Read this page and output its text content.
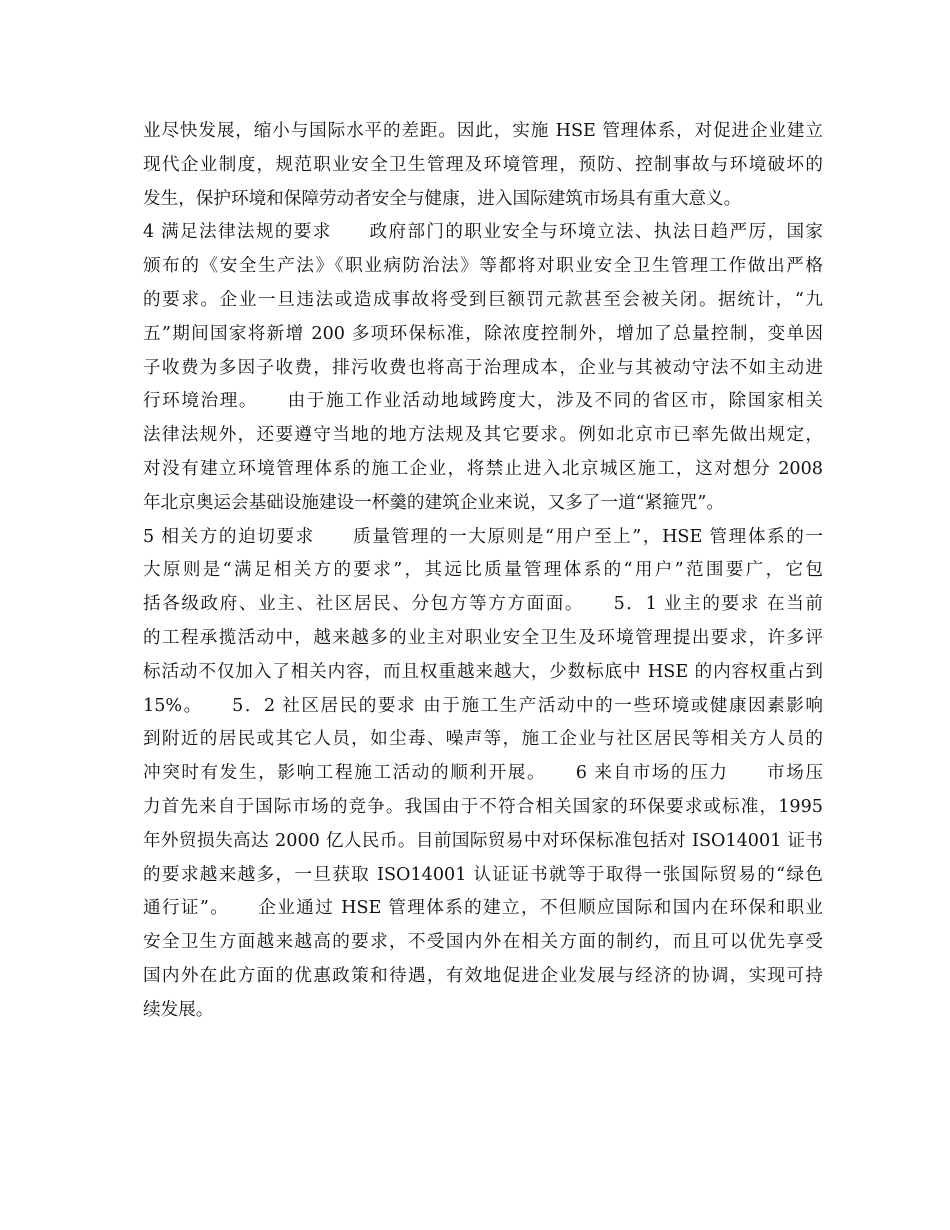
业尽快发展，缩小与国际水平的差距。因此，实施 HSE 管理体系，对促进企业建立
现代企业制度，规范职业安全卫生管理及环境管理，预防、控制事故与环境破坏的
发生，保护环境和保障劳动者安全与健康，进入国际建筑市场具有重大意义。
4 满足法律法规的要求　　政府部门的职业安全与环境立法、执法日趋严厉，国家
颁布的《安全生产法》《职业病防治法》等都将对职业安全卫生管理工作做出严格
的要求。企业一旦违法或造成事故将受到巨额罚元款甚至会被关闭。据统计，“九
五”期间国家将新增 200 多项环保标准，除浓度控制外，增加了总量控制，变单因
子收费为多因子收费，排污收费也将高于治理成本，企业与其被动守法不如主动进
行环境治理。　　由于施工作业活动地域跨度大，涉及不同的省区市，除国家相关
法律法规外，还要遵守当地的地方法规及其它要求。例如北京市已率先做出规定，
对没有建立环境管理体系的施工企业，将禁止进入北京城区施工，这对想分 2008
年北京奥运会基础设施建设一杯羹的建筑企业来说，又多了一道“紧箍咒”。
5 相关方的迫切要求　　质量管理的一大原则是“用户至上”，HSE 管理体系的一
大原则是“满足相关方的要求”，其远比质量管理体系的“用户”范围要广，它包
括各级政府、业主、社区居民、分包方等方方面面。　　5．1 业主的要求 在当前
的工程承揽活动中，越来越多的业主对职业安全卫生及环境管理提出要求，许多评
标活动不仅加入了相关内容，而且权重越来越大，少数标底中 HSE 的内容权重占到
15%。　　5．2 社区居民的要求 由于施工生产活动中的一些环境或健康因素影响
到附近的居民或其它人员，如尘毒、噪声等，施工企业与社区居民等相关方人员的
冲突时有发生，影响工程施工活动的顺利开展。　　6 来自市场的压力　　市场压
力首先来自于国际市场的竞争。我国由于不符合相关国家的环保要求或标准，1995
年外贸损失高达 2000 亿人民币。目前国际贸易中对环保标准包括对 ISO14001 证书
的要求越来越多，一旦获取 ISO14001 认证证书就等于取得一张国际贸易的“绿色
通行证”。　　企业通过 HSE 管理体系的建立，不但顺应国际和国内在环保和职业
安全卫生方面越来越高的要求，不受国内外在相关方面的制约，而且可以优先享受
国内外在此方面的优惠政策和待遇，有效地促进企业发展与经济的协调，实现可持
续发展。
